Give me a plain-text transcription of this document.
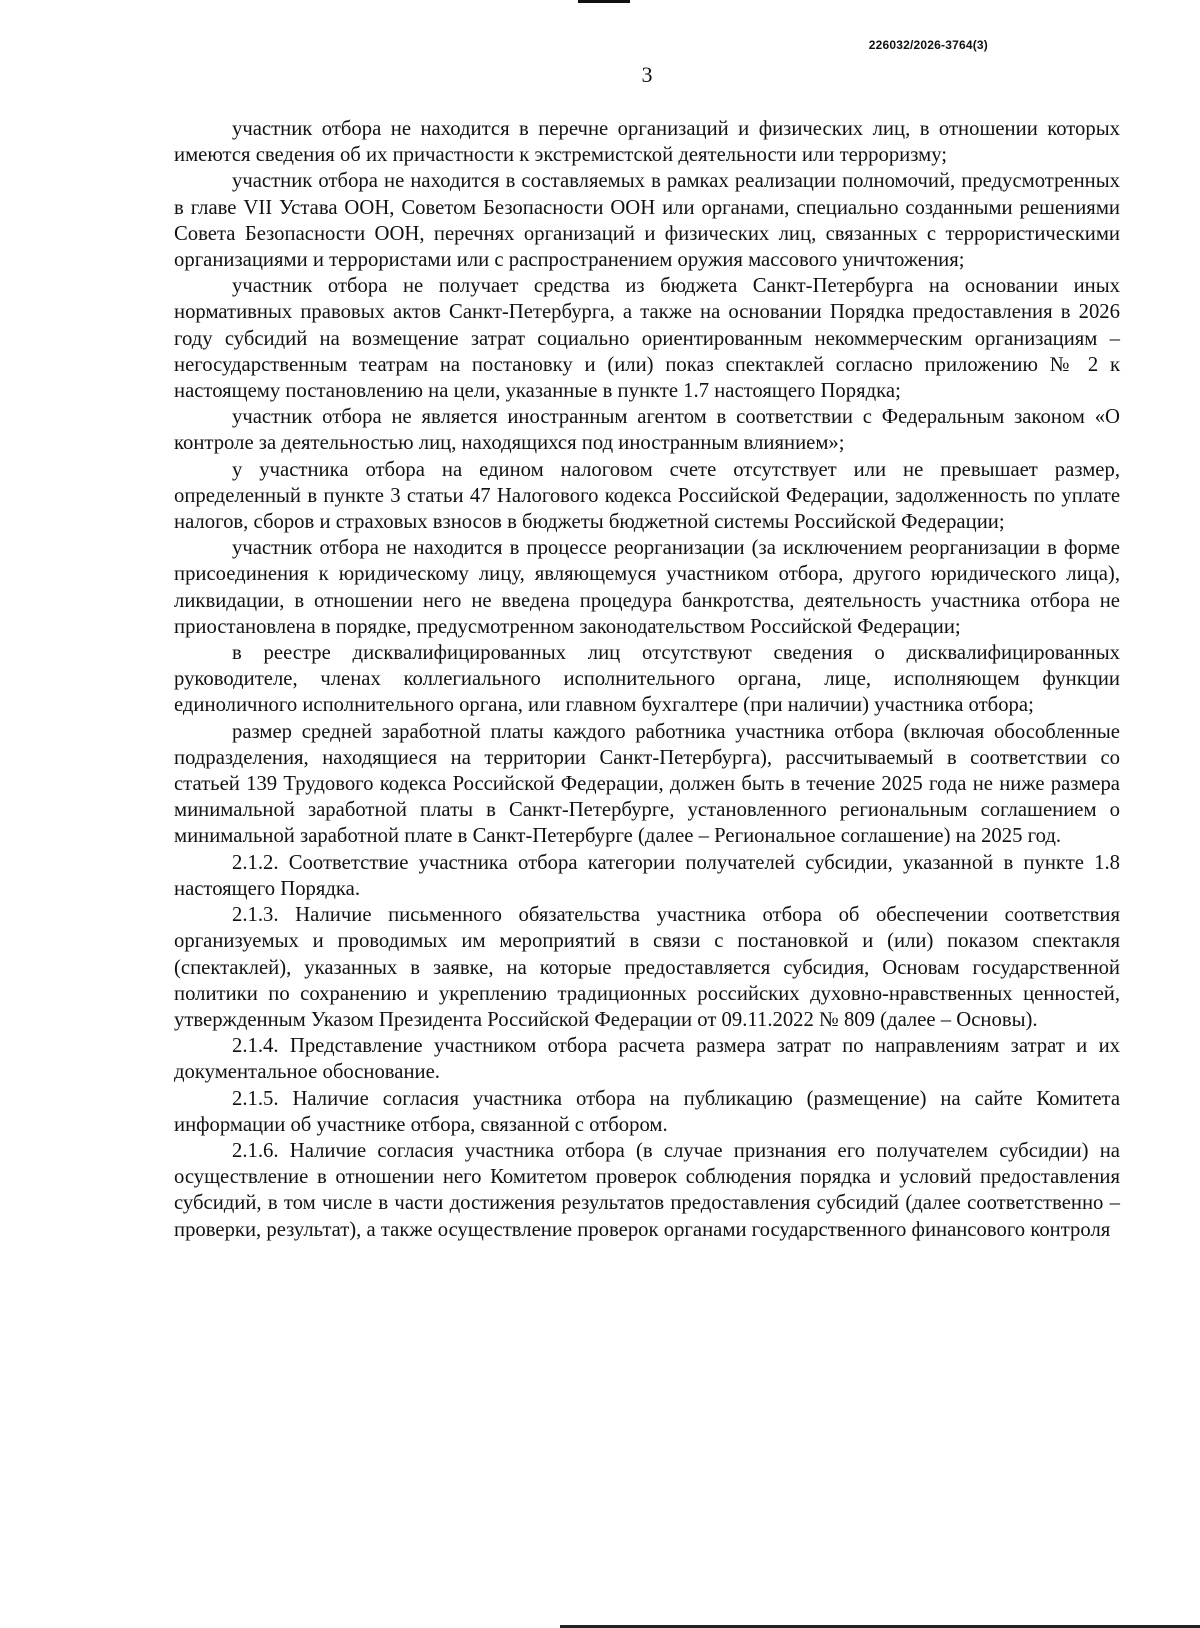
226032/2026-3764(3)
3

участник отбора не находится в перечне организаций и физических лиц, в отношении которых имеются сведения об их причастности к экстремистской деятельности или терроризму;

участник отбора не находится в составляемых в рамках реализации полномочий, предусмотренных в главе VII Устава ООН, Советом Безопасности ООН или органами, специально созданными решениями Совета Безопасности ООН, перечнях организаций и физических лиц, связанных с террористическими организациями и террористами или с распространением оружия массового уничтожения;

участник отбора не получает средства из бюджета Санкт-Петербурга на основании иных нормативных правовых актов Санкт-Петербурга, а также на основании Порядка предоставления в 2026 году субсидий на возмещение затрат социально ориентированным некоммерческим организациям – негосударственным театрам на постановку и (или) показ спектаклей согласно приложению № 2 к настоящему постановлению на цели, указанные в пункте 1.7 настоящего Порядка;

участник отбора не является иностранным агентом в соответствии с Федеральным законом «О контроле за деятельностью лиц, находящихся под иностранным влиянием»;

у участника отбора на едином налоговом счете отсутствует или не превышает размер, определенный в пункте 3 статьи 47 Налогового кодекса Российской Федерации, задолженность по уплате налогов, сборов и страховых взносов в бюджеты бюджетной системы Российской Федерации;

участник отбора не находится в процессе реорганизации (за исключением реорганизации в форме присоединения к юридическому лицу, являющемуся участником отбора, другого юридического лица), ликвидации, в отношении него не введена процедура банкротства, деятельность участника отбора не приостановлена в порядке, предусмотренном законодательством Российской Федерации;

в реестре дисквалифицированных лиц отсутствуют сведения о дисквалифицированных руководителе, членах коллегиального исполнительного органа, лице, исполняющем функции единоличного исполнительного органа, или главном бухгалтере (при наличии) участника отбора;

размер средней заработной платы каждого работника участника отбора (включая обособленные подразделения, находящиеся на территории Санкт-Петербурга), рассчитываемый в соответствии со статьей 139 Трудового кодекса Российской Федерации, должен быть в течение 2025 года не ниже размера минимальной заработной платы в Санкт-Петербурге, установленного региональным соглашением о минимальной заработной плате в Санкт-Петербурге (далее – Региональное соглашение) на 2025 год.

2.1.2. Соответствие участника отбора категории получателей субсидии, указанной в пункте 1.8 настоящего Порядка.

2.1.3. Наличие письменного обязательства участника отбора об обеспечении соответствия организуемых и проводимых им мероприятий в связи с постановкой и (или) показом спектакля (спектаклей), указанных в заявке, на которые предоставляется субсидия, Основам государственной политики по сохранению и укреплению традиционных российских духовно-нравственных ценностей, утвержденным Указом Президента Российской Федерации от 09.11.2022 № 809 (далее – Основы).

2.1.4. Представление участником отбора расчета размера затрат по направлениям затрат и их документальное обоснование.

2.1.5. Наличие согласия участника отбора на публикацию (размещение) на сайте Комитета информации об участнике отбора, связанной с отбором.

2.1.6. Наличие согласия участника отбора (в случае признания его получателем субсидии) на осуществление в отношении него Комитетом проверок соблюдения порядка и условий предоставления субсидий, в том числе в части достижения результатов предоставления субсидий (далее соответственно – проверки, результат), а также осуществление проверок органами государственного финансового контроля
